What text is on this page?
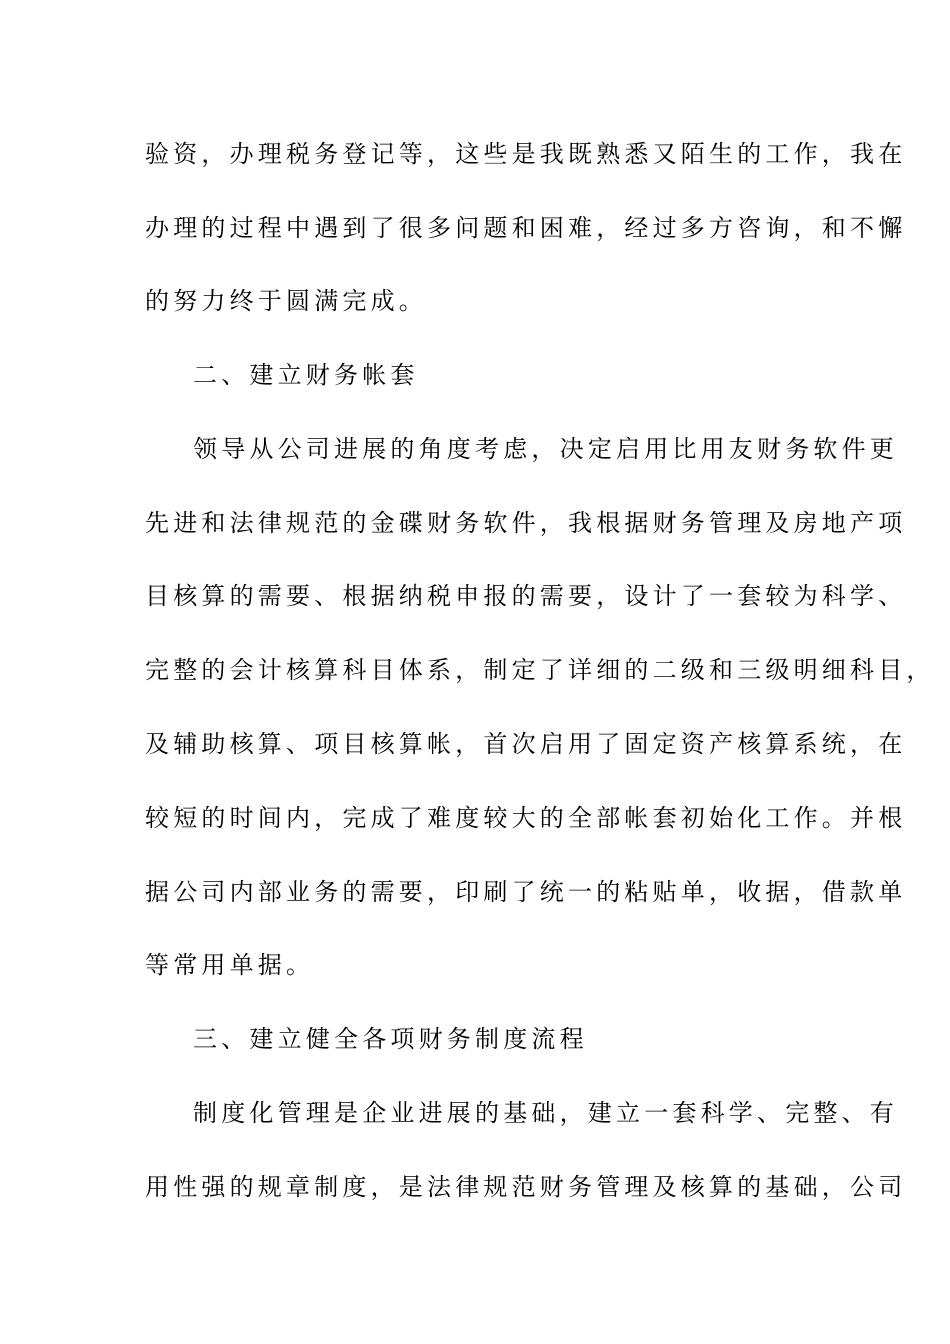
验资，办理税务登记等，这些是我既熟悉又陌生的工作，我在
办理的过程中遇到了很多问题和困难，经过多方咨询，和不懈
的努力终于圆满完成。
二、建立财务帐套
领导从公司进展的角度考虑，决定启用比用友财务软件更
先进和法律规范的金碟财务软件，我根据财务管理及房地产项
目核算的需要、根据纳税申报的需要，设计了一套较为科学、
完整的会计核算科目体系，制定了详细的二级和三级明细科目，
及辅助核算、项目核算帐，首次启用了固定资产核算系统，在
较短的时间内，完成了难度较大的全部帐套初始化工作。并根
据公司内部业务的需要，印刷了统一的粘贴单，收据，借款单
等常用单据。
三、建立健全各项财务制度流程
制度化管理是企业进展的基础，建立一套科学、完整、有
用性强的规章制度，是法律规范财务管理及核算的基础，公司
